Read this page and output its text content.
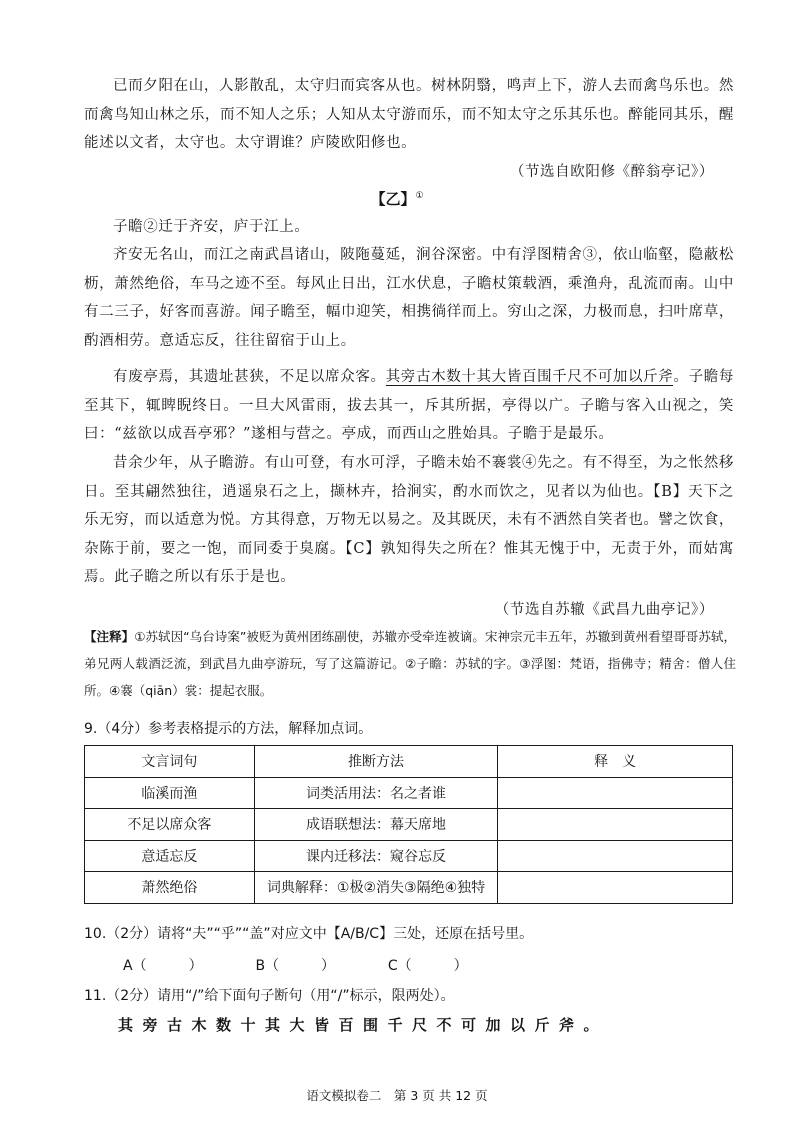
已而夕阳在山，人影散乱，太守归而宾客从也。树林阴翳，鸣声上下，游人去而禽鸟乐也。然而禽鸟知山林之乐，而不知人之乐；人知从太守游而乐，而不知太守之乐其乐也。醉能同其乐，醒能述以文者，太守也。太守谓谁？庐陵欧阳修也。

（节选自欧阳修《醉翁亭记》）
【乙】①

子瞻②迁于齐安，庐于江上。

齐安无名山，而江之南武昌诸山，陂陁蔓延，涧谷深密。中有浮图精舍③，依山临壑，隐蔽松枥，萧然绝俗，车马之迹不至。每风止日出，江水伏息，子瞻杖策载酒，乘渔舟，乱流而南。山中有二三子，好客而喜游。闻子瞻至，幅巾迎笑，相携徜徉而上。穷山之深，力极而息，扫叶席草，酌酒相劳。意适忘反，往往留宿于山上。

有废亭焉，其遗址甚狭，不足以席众客。其旁古木数十其大皆百围千尺不可加以斤斧。子瞻每至其下，辄睥睨终日。一旦大风雷雨，拔去其一，斥其所据，亭得以广。子瞻与客入山视之，笑曰：“兹欲以成吾亭邪？”遂相与营之。亭成，而西山之胜始具。子瞻于是最乐。

昔余少年，从子瞻游。有山可登，有水可浮，子瞻未始不褰裳④先之。有不得至，为之怅然移日。至其翩然独往，逍遥泉石之上，撷林卉，拾涧实，酌水而饮之，见者以为仙也。【B】天下之乐无穷，而以适意为悦。方其得意，万物无以易之。及其既厌，未有不洒然自笑者也。譬之饮食，杂陈于前，要之一饱，而同委于臭腐。【C】孰知得失之所在？惟其无愧于中，无责于外，而姑寓焉。此子瞻之所以有乐于是也。

（节选自苏辙《武昌九曲亭记》）

【注释】①苏轼因“乌台诗案”被贬为黄州团练副使，苏辙亦受牵连被谪。宋神宗元丰五年，苏辙到黄州看望哥哥苏轼，弟兄两人载酒泛流，到武昌九曲亭游玩，写了这篇游记。②子瞻：苏轼的字。③浮图：梵语，指佛寺；精舍：僧人住所。④褰（qiān）裳：提起衣服。

9.（4分）参考表格提示的方法，解释加点词。

文言词句	推断方法	释　义
临溪而渔	词类活用法：名之者谁	
不足以席众客	成语联想法：幕天席地	
意适忘反	课内迁移法：窥谷忘反	
萧然绝俗	词典解释：①极②消失③隔绝④独特	

10.（2分）请将“夫”“乎”“盖”对应文中【A/B/C】三处，还原在括号里。

A（　　　）	B（　　　）	C（　　　）

11.（2分）请用“/”给下面句子断句（用“/”标示，限两处）。

其旁古木数十其大皆百围千尺不可加以斤斧。
语文模拟卷二　第 3 页 共 12 页
